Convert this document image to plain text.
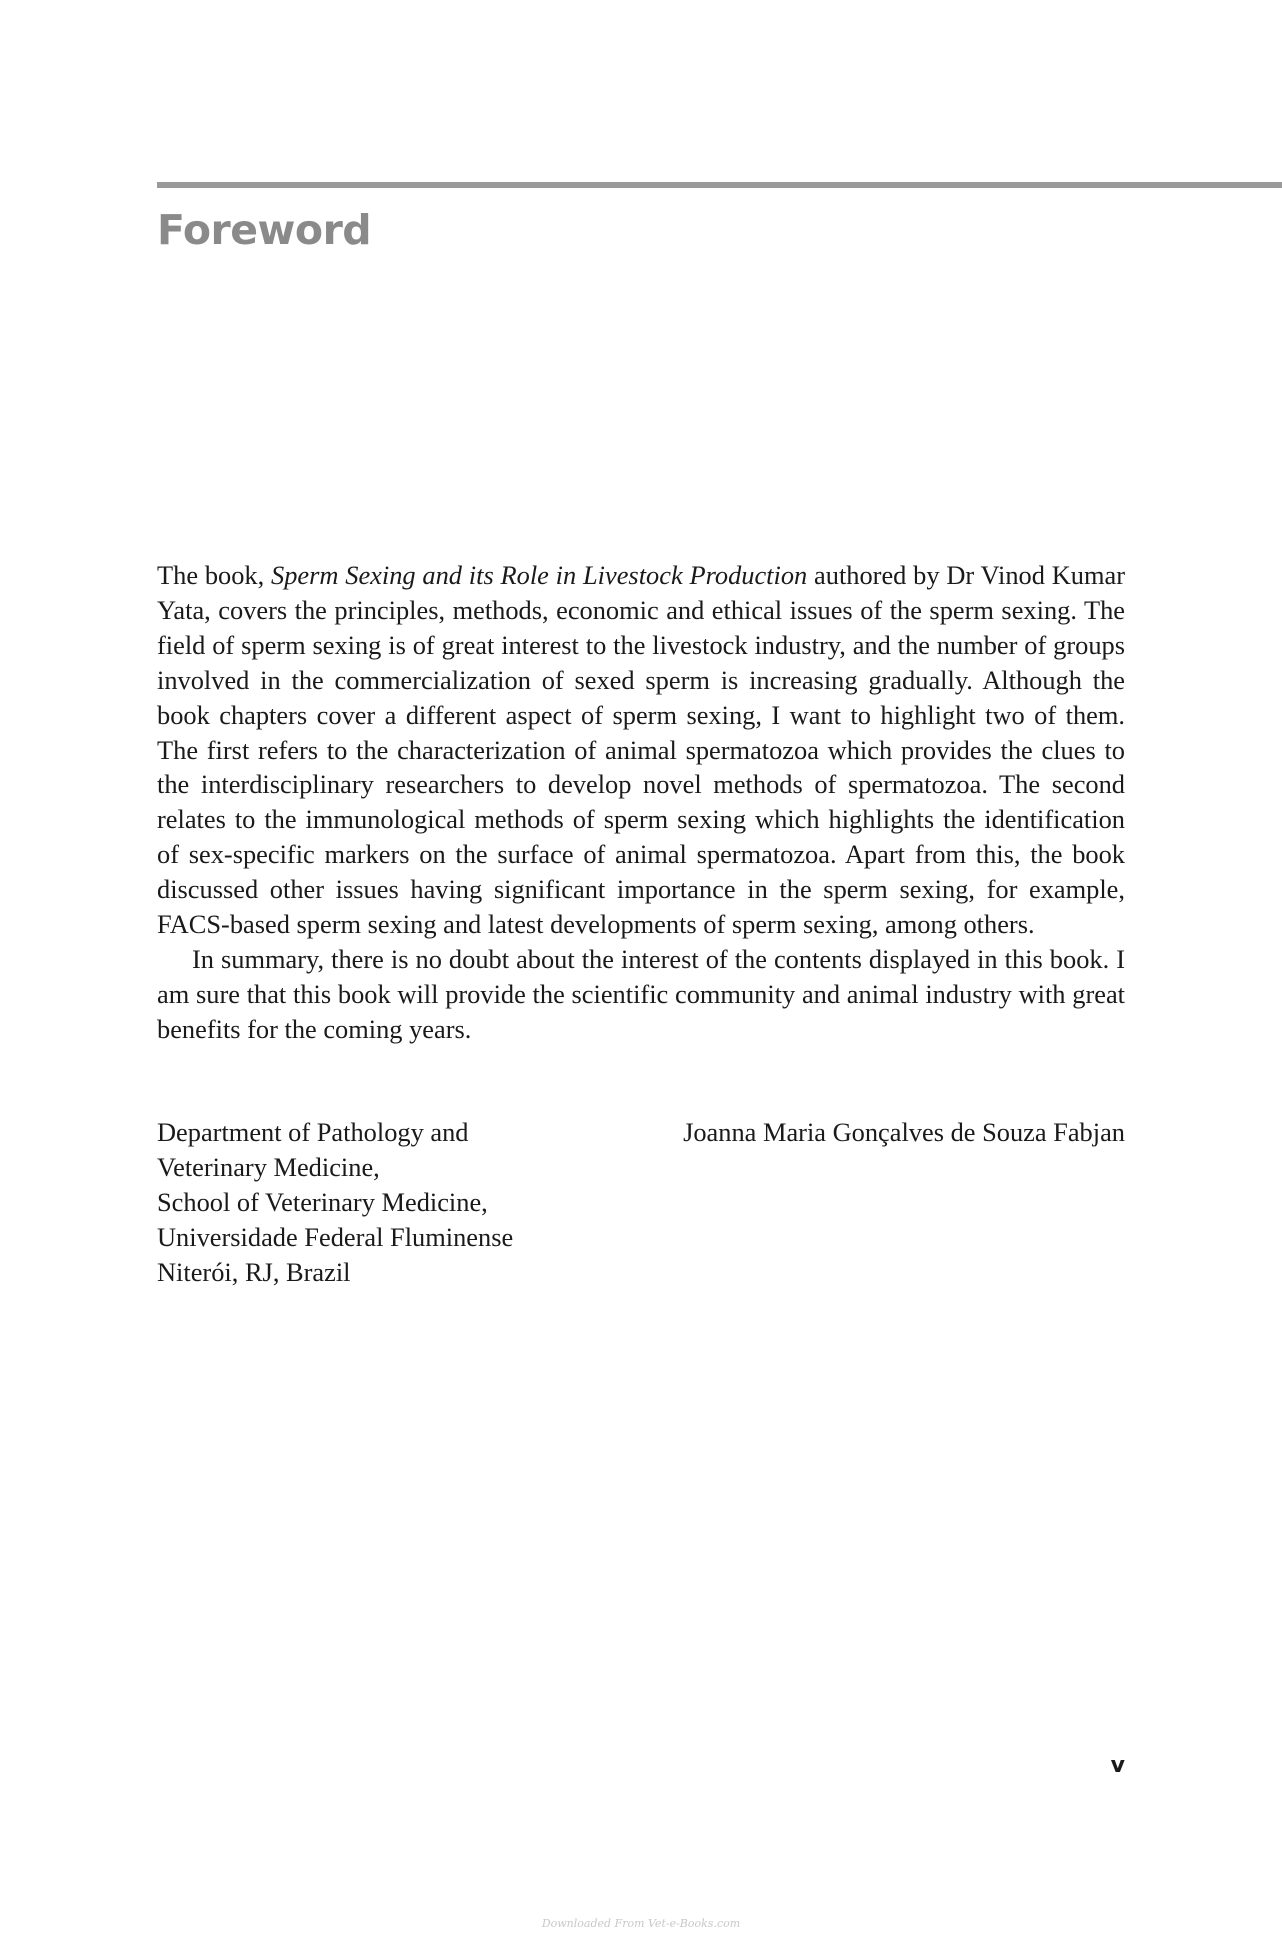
Foreword

The book, Sperm Sexing and its Role in Livestock Production authored by Dr Vinod Kumar Yata, covers the principles, methods, economic and ethical issues of the sperm sexing. The field of sperm sexing is of great interest to the livestock industry, and the number of groups involved in the commercialization of sexed sperm is increasing gradually. Although the book chapters cover a different aspect of sperm sexing, I want to highlight two of them. The first refers to the characterization of animal spermatozoa which provides the clues to the interdisciplinary researchers to develop novel methods of spermatozoa. The second relates to the immunological methods of sperm sexing which highlights the identification of sex-specific markers on the surface of animal spermatozoa. Apart from this, the book discussed other issues having significant importance in the sperm sexing, for example, FACS-based sperm sexing and latest developments of sperm sexing, among others.

In summary, there is no doubt about the interest of the contents displayed in this book. I am sure that this book will provide the scientific community and animal industry with great benefits for the coming years.

Department of Pathology and
Veterinary Medicine,
School of Veterinary Medicine,
Universidade Federal Fluminense
Niterói, RJ, Brazil
Joanna Maria Gonçalves de Souza Fabjan
v
Downloaded From Vet-e-Books.com
